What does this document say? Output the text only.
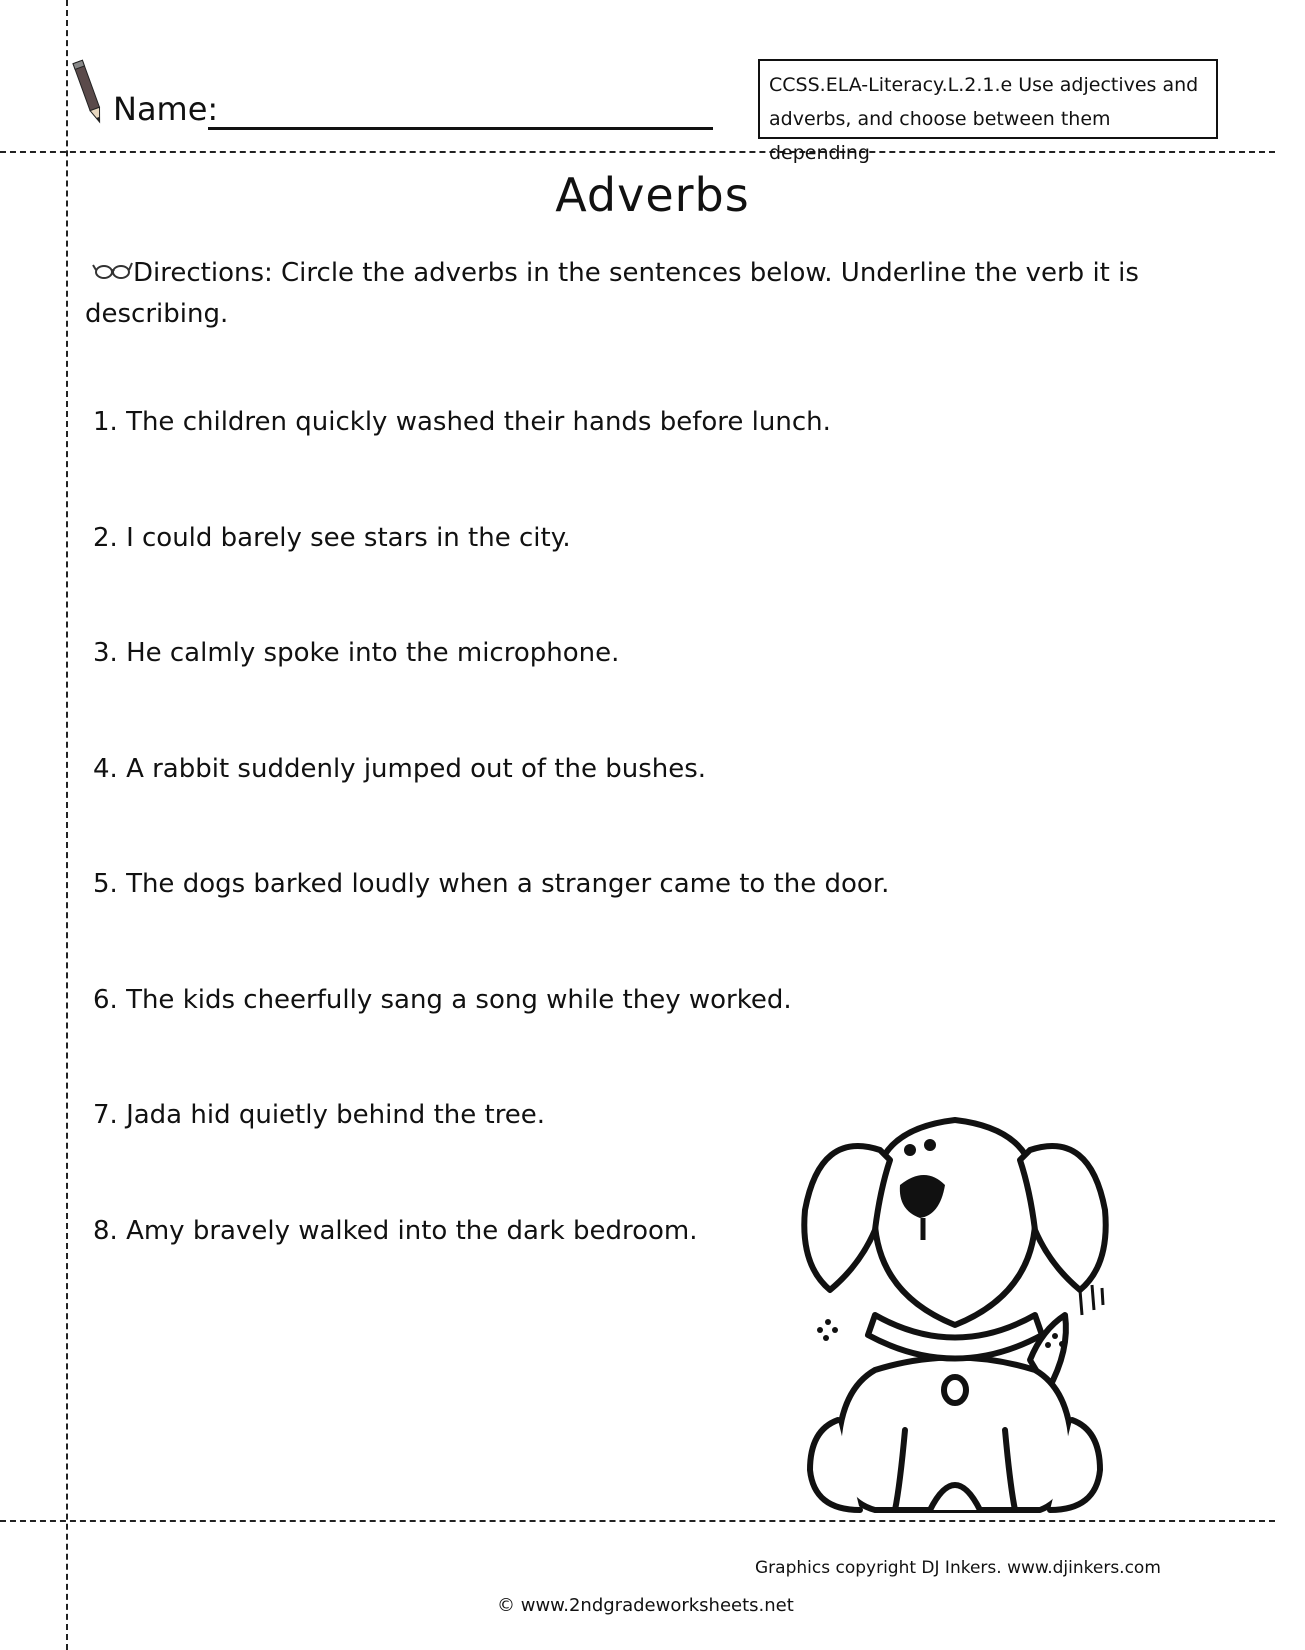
Name:
CCSS.ELA-Literacy.L.2.1.e Use adjectives and adverbs, and choose between them depending
Adverbs
Directions: Circle the adverbs in the sentences below. Underline the verb it is describing.
1. The children quickly washed their hands before lunch.
2. I could barely see stars in the city.
3. He calmly spoke into the microphone.
4. A rabbit suddenly jumped out of the bushes.
5. The dogs barked loudly when a stranger came to the door.
6. The kids cheerfully sang a song while they worked.
7. Jada hid quietly behind the tree.
8. Amy bravely walked into the dark bedroom.
Graphics copyright DJ Inkers. www.djinkers.com
© www.2ndgradeworksheets.net
